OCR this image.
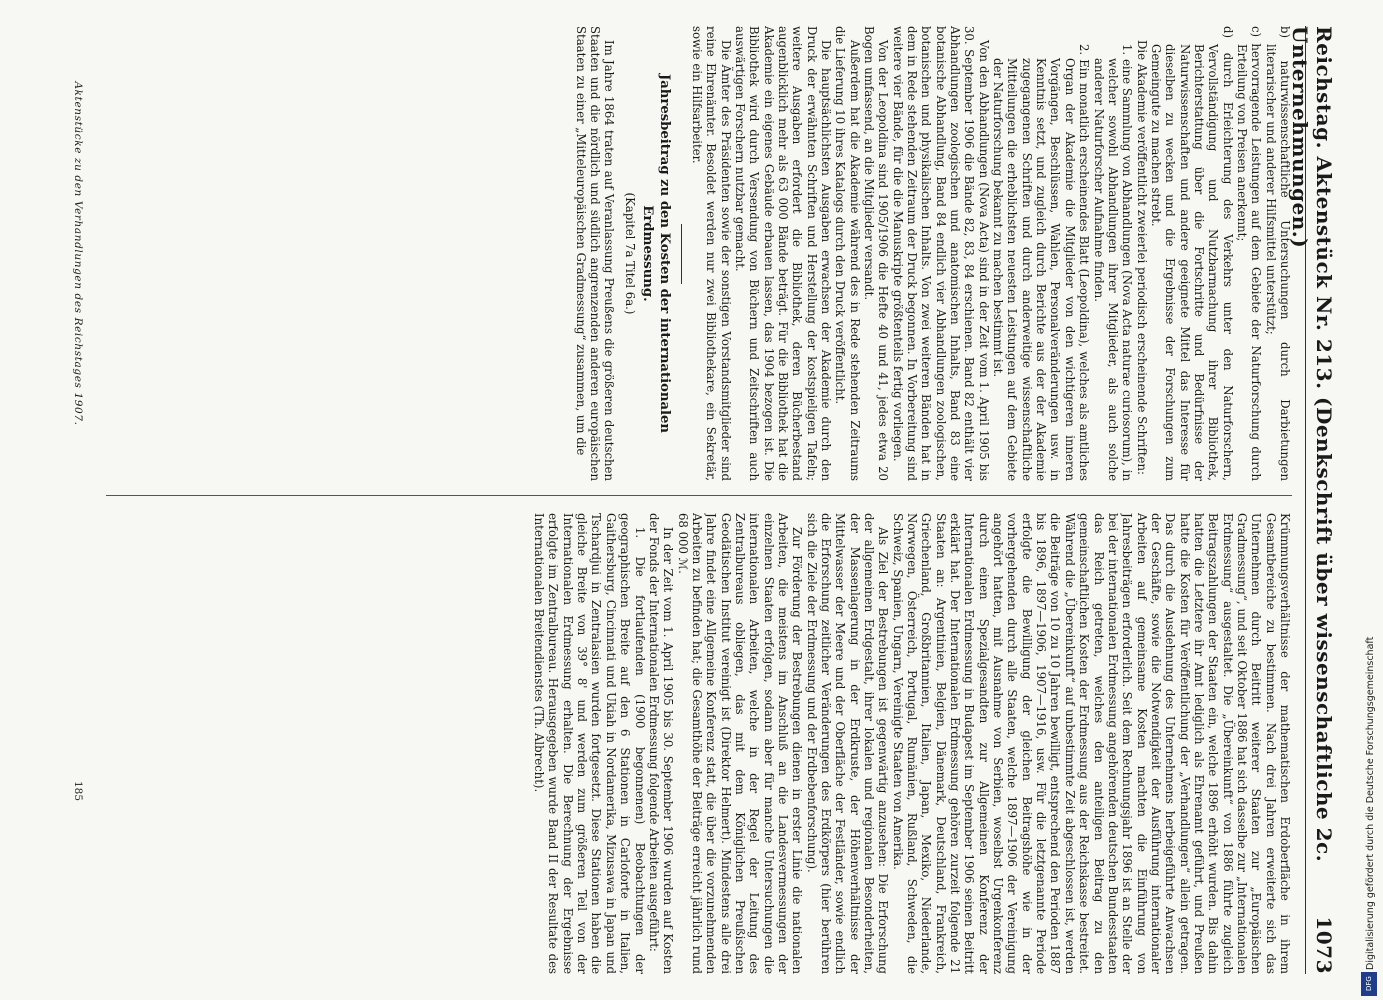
Reichstag. Aktenstück Nr. 213. (Denkschrift über wissenschaftliche 2c. Unternehmungen.)
1073

b) naturwissenschaftliche Untersuchungen durch Darbietungen literarischer und anderer Hilfsmittel unterstützt;

c) hervorragende Leistungen auf dem Gebiete der Naturforschung durch Erteilung von Preisen anerkennt;

d) durch Erleichterung des Verkehrs unter den Naturforschern, Vervollständigung und Nutzbarmachung ihrer Bibliothek, Berichterstattung über die Fortschritte und Bedürfnisse der Naturwissenschaften und andere geeignete Mittel das Interesse für dieselben zu wecken und die Ergebnisse der Forschungen zum Gemeingute zu machen strebt.

Die Akademie veröffentlicht zweierlei periodisch erscheinende Schriften:

1. eine Sammlung von Abhandlungen (Nova Acta naturae curiosorum), in welcher sowohl Abhandlungen ihrer Mitglieder, als auch solche anderer Naturforscher Aufnahme finden.

2. Ein monatlich erscheinendes Blatt (Leopoldina), welches als amtliches Organ der Akademie die Mitglieder von den wichtigeren inneren Vorgängen, Beschlüssen, Wahlen, Personalveränderungen usw. in Kenntnis setzt, und zugleich durch Berichte aus der der Akademie zugegangenen Schriften und durch anderweitige wissenschaftliche Mitteilungen die erheblichsten neuesten Leistungen auf dem Gebiete der Naturforschung bekannt zu machen bestimmt ist.

Von den Abhandlungen (Nova Acta) sind in der Zeit vom 1. April 1905 bis 30. September 1906 die Bände 82, 83, 84 erschienen. Band 82 enthält vier Abhandlungen zoologischen und anatomischen Inhalts, Band 83 eine botanische Abhandlung, Band 84 endlich vier Abhandlungen zoologischen, botanischen und physikalischen Inhalts. Von zwei weiteren Bänden hat in dem in Rede stehenden Zeitraum der Druck begonnen. In Vorbereitung sind weitere vier Bände, für die die Manuskripte größtenteils fertig vorliegen.

Von der Leopoldina sind 1905/1906 die Hefte 40 und 41, jedes etwa 20 Bogen umfassend, an die Mitglieder versandt.

Außerdem hat die Akademie während des in Rede stehenden Zeitraums die Lieferung 10 ihres Katalogs durch den Druck veröffentlicht.

Die hauptsächlichsten Ausgaben erwachsen der Akademie durch den Druck der erwähnten Schriften und Herstellung der kostspieligen Tafeln; weitere Ausgaben erfordert die Bibliothek, deren Bücherbestand augenblicklich mehr als 63 000 Bände beträgt. Für die Bibliothek hat die Akademie ein eigenes Gebäude erbauen lassen, das 1904 bezogen ist. Die Bibliothek wird durch Versendung von Büchern und Zeitschriften auch auswärtigen Forschern nutzbar gemacht.

Die Ämter des Präsidenten sowie der sonstigen Vorstandsmitglieder sind reine Ehrenämter. Besoldet werden nur zwei Bibliothekare, ein Sekretär, sowie ein Hilfsarbeiter.

Jahresbeitrag zu den Kosten der internationalen Erdmessung.
(Kapitel 7a Titel 6a.)

Im Jahre 1864 traten auf Veranlassung Preußens die größeren deutschen Staaten und die nördlich und südlich angrenzenden anderen europäischen Staaten zu einer „Mitteleuropäischen Gradmessung“ zusammen, um die

Krümmungsverhältnisse der mathematischen Erdoberfläche in ihrem Gesamtbereiche zu bestimmen. Nach drei Jahren erweiterte sich das Unternehmen durch Beitritt weiterer Staaten zur „Europäischen Gradmessung“, und seit Oktober 1886 hat sich dasselbe zur „Internationalen Erdmessung“ ausgestaltet. Die „Übereinkunft“ von 1886 führte zugleich Beitragszahlungen der Staaten ein, welche 1896 erhöht wurden. Bis dahin hatten die Letztere ihr Amt lediglich als Ehrenamt geführt, und Preußen hatte die Kosten für Veröffentlichung der „Verhandlungen“ allein getragen. Das durch die Ausdehnung des Unternehmens herbeigeführte Anwachsen der Geschäfte, sowie die Notwendigkeit der Ausführung internationaler Arbeiten auf gemeinsame Kosten machten die Einführung von Jahresbeiträgen erforderlich. Seit dem Rechnungsjahr 1896 ist an Stelle der bei der internationalen Erdmessung angehörenden deutschen Bundesstaaten das Reich getreten, welches den anteiligen Beitrag zu den gemeinschaftlichen Kosten der Erdmessung aus der Reichskasse bestreitet. Während die „Übereinkunft“ auf unbestimmte Zeit abgeschlossen ist, werden die Beiträge von 10 zu 10 Jahren bewilligt, entsprechend den Perioden 1887 bis 1896, 1897—1906, 1907—1916, usw. Für die letztgenannte Periode erfolgte die Bewilligung der gleichen Beitragshöhe wie in der vorhergehenden durch alle Staaten, welche 1897—1906 der Vereinigung angehört hatten, mit Ausnahme von Serbien, woselbst Urgenkonferenz durch einen Spezialgesandten zur Allgemeinen Konferenz der Internationalen Erdmessung in Budapest im September 1906 seinen Beitritt erklärt hat. Der Internationalen Erdmessung gehören zurzeit folgende 21 Staaten an: Argentinien, Belgien, Dänemark, Deutschland, Frankreich, Griechenland, Großbritannien, Italien, Japan, Mexiko, Niederlande, Norwegen, Österreich, Portugal, Rumänien, Rußland, Schweden, die Schweiz, Spanien, Ungarn, Vereinigte Staaten von Amerika.

Als Ziel der Bestrebungen ist gegenwärtig anzusehen: Die Erforschung der allgemeinen Erdgestalt, ihrer lokalen und regionalen Besonderheiten, der Massenlagerung in der Erdkruste, der Höhenverhältnisse der Mittelwasser der Meere und der Oberfläche der Festländer, sowie endlich die Erforschung zeitlicher Veränderungen des Erdkörpers (hier berühren sich die Ziele der Erdmessung und der Erdbebenforschung).

Zur Förderung der Bestrebungen dienen in erster Linie die nationalen Arbeiten, die meistens im Anschluß an die Landesvermessungen der einzelnen Staaten erfolgen, sodann aber für manche Untersuchungen die internationalen Arbeiten, welche in der Regel der Leitung des Zentralbureaus obliegen, das mit dem Königlichen Preußischen Geodätischen Institut vereinigt ist (Direktor Helmert). Mindestens alle drei Jahre findet eine Allgemeine Konferenz statt, die über die vorzunehmenden Arbeiten zu befinden hat; die Gesamthöhe der Beiträge erreicht jährlich rund 68 000 ℳ.

In der Zeit vom 1. April 1905 bis 30. September 1906 wurden auf Kosten der Fonds der Internationalen Erdmessung folgende Arbeiten ausgeführt:

1. Die fortlaufenden (1900 begonnenen) Beobachtungen der geographischen Breite auf den 6 Stationen in Carloforte in Italien, Gaithersburg, Cincinnati und Ukiah in Nordamerika, Mizusawa in Japan und Tschardjui in Zentralasien wurden fortgesetzt. Diese Stationen haben die gleiche Breite von 39° 8' und werden zum größeren Teil von der Internationalen Erdmessung erhalten. Die Berechnung der Ergebnisse erfolgte im Zentralbureau. Herausgegeben wurde Band II der Resultate des Internationalen Breitendienstes (Th. Albrecht).

Aktenstücke zu den Verhandlungen des Reichstages 1907.
185	Digitalisierung gefördert durch die Deutsche Forschungsgemeinschaft
DFG
